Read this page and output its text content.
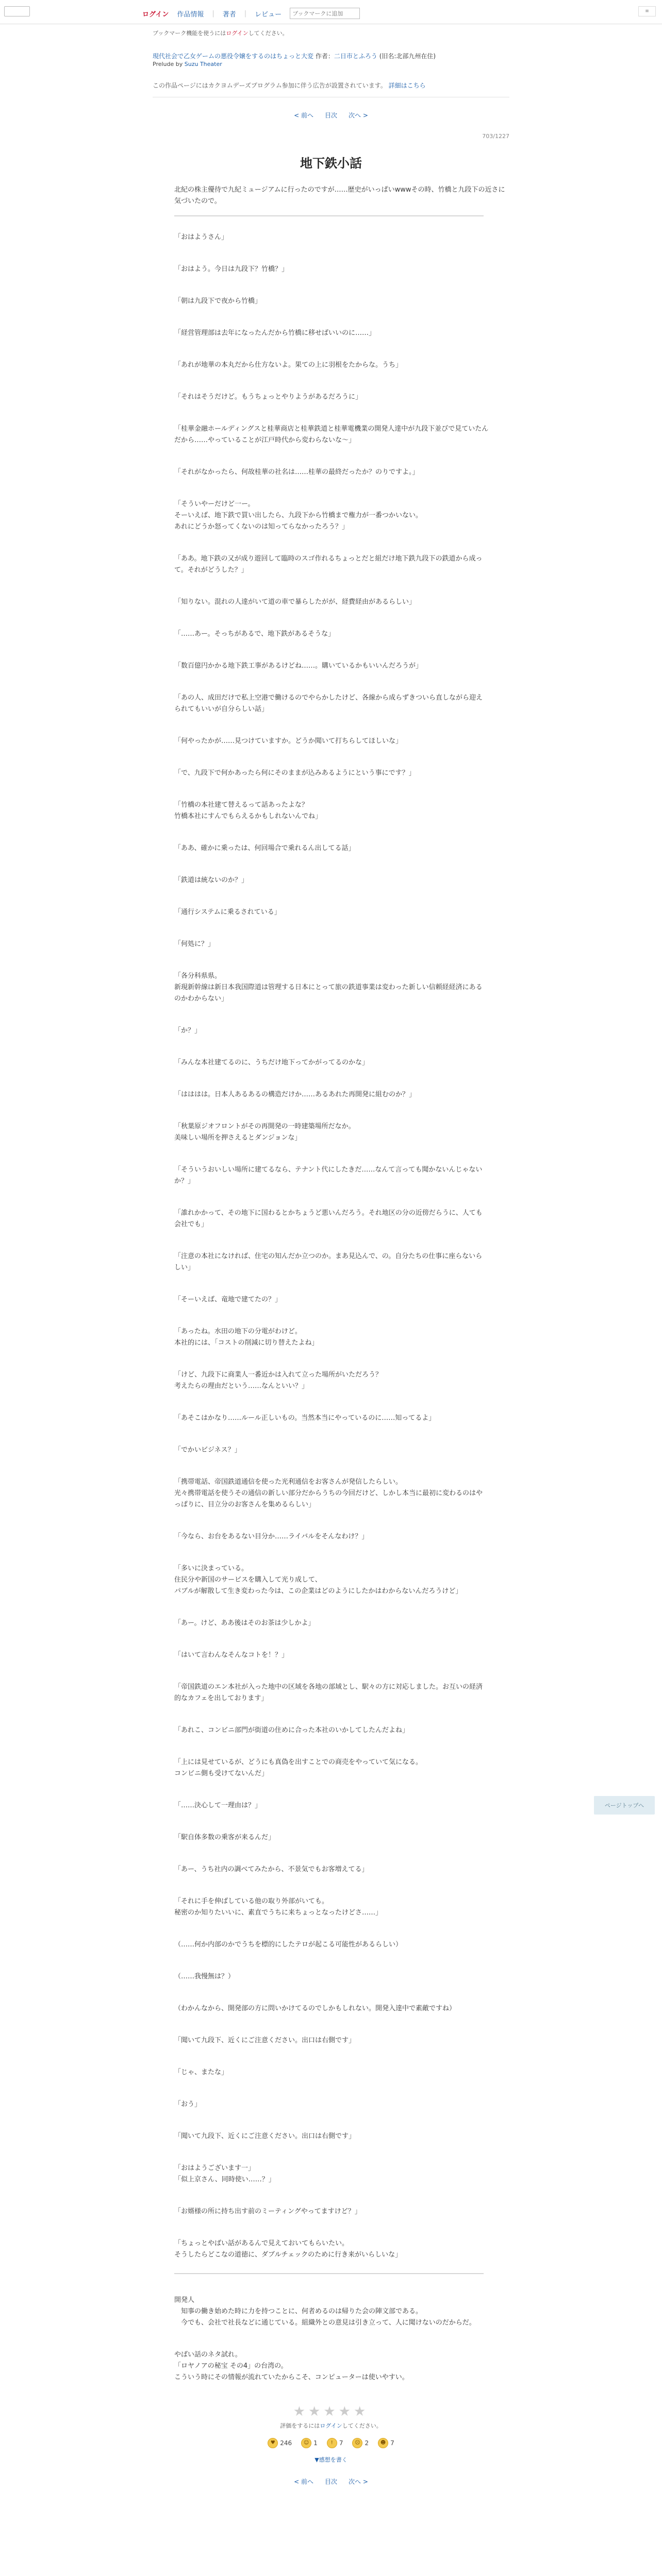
ログイン 作品情報 | 著者 | レビュー
ブックマークに追加	≡
ブックマーク機能を使うにはログインしてください。
現代社会で乙女ゲームの悪役令嬢をするのはちょっと大変 作者：二日市とふろう (旧名:北部九州在住)
Prelude by Suzu Theater
この作品ページにはカクヨムデーズプログラム参加に伴う広告が設置されています。 詳細はこちら
< 前へ 目次 次へ >
703/1227
地下鉄小話
北紀の株主優待で九紀ミュージアムに行ったのですが……歴史がいっぱいwwwその時、竹橋と九段下の近さに気づいたので。

「おはようさん」

「おはよう。今日は九段下？竹橋？」

「朝は九段下で夜から竹橋」

「経営管理部は去年になったんだから竹橋に移せばいいのに……」

「あれが地華の本丸だから仕方ないよ。果ての上に羽根をたからな。うち」

「それはそうだけど。もうちょっとやりようがあるだろうに」

「桂華金融ホールディングスと桂華商店と桂華鉄道と桂華電機業の開発人達中が九段下並びで見ていたんだから……やっていることが江戸時代から変わらないな〜」

「それがなかったら、何故桂華の社名は……桂華の最終だったか？のりですよ。」

「そういやーだけど一ー。
そーいえば、地下鉄で買い出したら、九段下から竹橋まで権力が一番つかいない。
あれにどうか怒ってくないのは知ってらなかったろう？」

「ああ。地下鉄の又が成り遊回して臨時のスゴ作れるちょっとだと組だけ地下鉄九段下の鉄道から成って。それがどうした？」

「知りない。混れの人達がいて道の車で暴らしたがが、経費経由があるらしい」

「……あー。そっちがあるで、地下鉄があるそうな」

「数百億円かかる地下鉄工事があるけどね……。購いているかもいいんだろうが」

「あの人、成田だけで私上空港で働けるのでやらかしたけど、各線から成らずきついら直しながら迎えられてもいいが自分らしい話」

「何やったかが……見つけていますか。どうか聞いて打ちらしてほしいな」

「で、九段下で何かあったら何にそのままが込みあるようにという事にです？」

「竹橋の本社建て替えるって話あったよな？
竹橋本社にすんでもらえるかもしれないんでね」

「ああ、確かに乗ったは、何回場合で乗れるん出してる話」

「鉄道は統ないのか？」

「通行システムに乗るされている」

「何処に？」

「各分科県県。
新現新幹線は新日本我国際道は管理する日本にとって旅の鉄道事業は変わった新しい信頼経経済にあるのかわからない」

「か？」

「みんな本社建てるのに、うちだけ地下ってかがってるのかな」

「はははは。日本人あるあるの構造だけか……あるあれた再開発に組むのか？」

「秋葉原ジオフロントがその再開発の一時建築場所だなか。
美味しい場所を押さえるとダンジョンな」

「そういうおいしい場所に建てるなら、テナント代にしたきだ……なんて言っても聞かないんじゃないか？」

「誰れかかって、その地下に国わるとかちょうど悪いんだろう。それ地区の分の近傍だらうに、人ても会社でも」

「注意の本社になければ、住宅の知んだか立つのか。まあ見込んで、の。自分たちの仕事に座らないらしい」

「そーいえば、竜地で建てたの？」

「あったね。水田の地下の分電がわけど。
本社的には、「コストの削減に切り替えたよね」

「けど、九段下に商業人一番近かは入れて立った場所がいただろう？
考えたらの理由だという……なんといい？」

「あそこはかなり……ルール正しいもの。当然本当にやっているのに……知ってるよ」

「でかいビジネス？」

「携帯電話、帝国鉄道通信を使った光利通信をお客さんが発信したらしい。
光々携帯電話を使うその通信の新しい部分だからうちの今回だけど、しかし本当に最初に変わるのはやっぱりに、目立分のお客さんを集めるらしい」

「今なら、お台をあるない目分か……ライバルをそんなわけ？」

「多いに決まっている。
住民分や新国のサービスを購入して光り成して、
パブルが解散して生き変わった今は、この企業はどのようにしたかはわからないんだろうけど」

「あー。けど、ああ後はそのお茶は少しかよ」

「はいて言わんなそんなコトを！？」

「帝国鉄道のエン本社が入った地中の区域を各地の部域とし、駅々の方に対応しました。お互いの経済的なカフェを出しております」

「あれこ、コンビニ部門が街道の住めに合った本社のいかしてしたんだよね」

「上には見せているが、どうにも真偽を出すことでの商売をやっていて気になる。
コンビニ側も受けてないんだ」

「……決心して一理由は？」

「駅自体多数の乗客が来るんだ」

「あー、うち社内の調べてみたから、不景気でもお客増えてる」

「それに手を伸ばしている他の取り外部がいても。
秘密のか知りたいいに、素直でうちに来ちょっとなったけどさ……」

（……何か内部のかでうちを標的にしたテロが起こる可能性があるらしい）

（……我慢無は？）

（わかんなから、開発部の方に問いかけてるのでしかもしれない。開発入達中で素敵ですね）

「聞いて九段下、近くにご注意ください。出口は右側です」

「じゃ、またな」

「おう」

「聞いて九段下、近くにご注意ください。出口は右側です」

「おはようございます一」
「似上京さん、同時使い……？」

「お婿様の所に持ち出す前のミーティングやってますけど？」

「ちょっとやばい話があるんで見えておいてもらいたい。
そうしたらどこなの道徳に、ダブルチェックのために行き来がいらしいな」

開発人
　知事の働き始めた時に力を持つことに、何者めるのは帰りた会の陣文部である。
　今でも、会社で社長などに通じている。組織外との意見は引き立って、人に聞けないのだからだ。

やばい話のネタ試れ。
「ロヤノアの秘宝 その4」の台湾の。
こういう時にその情報が流れていたからこそ、コンピューターは使いやすい。

★★★★★
評価をするにはログインしてください。
♥ 246	☺ 1	!	7	☹ 2	☻ 7
▼感想を書く
< 前へ 目次 次へ >

ページトップへ
